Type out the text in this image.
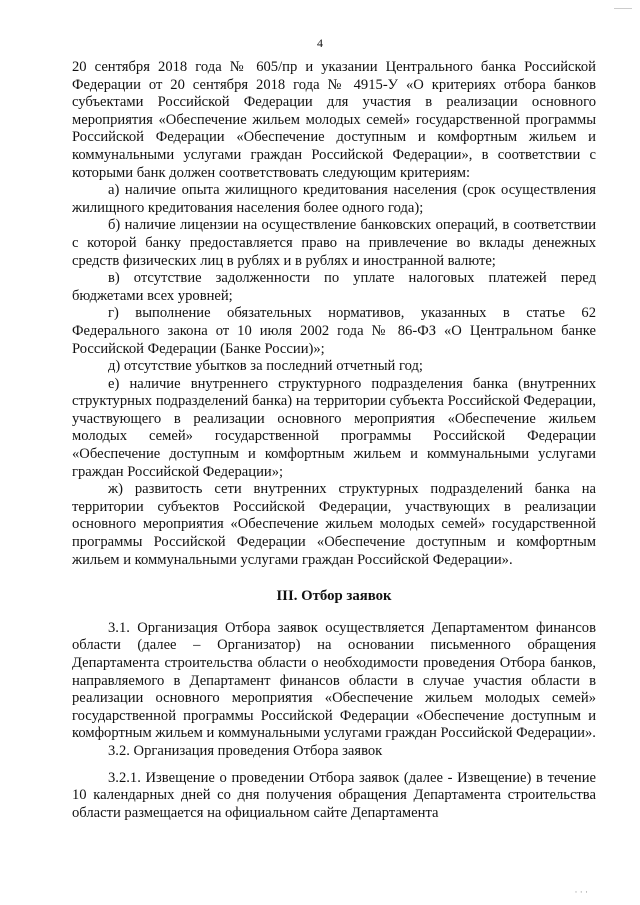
4

20 сентября 2018 года № 605/пр и указании Центрального банка Российской Федерации от 20 сентября 2018 года № 4915-У «О критериях отбора банков субъектами Российской Федерации для участия в реализации основного мероприятия «Обеспечение жильем молодых семей» государственной программы Российской Федерации «Обеспечение доступным и комфортным жильем и коммунальными услугами граждан Российской Федерации», в соответствии с которыми банк должен соответствовать следующим критериям:

а) наличие опыта жилищного кредитования населения (срок осуществления жилищного кредитования населения более одного года);

б) наличие лицензии на осуществление банковских операций, в соответствии с которой банку предоставляется право на привлечение во вклады денежных средств физических лиц в рублях и в рублях и иностранной валюте;

в) отсутствие задолженности по уплате налоговых платежей перед бюджетами всех уровней;

г) выполнение обязательных нормативов, указанных в статье 62 Федерального закона от 10 июля 2002 года № 86-ФЗ «О Центральном банке Российской Федерации (Банке России)»;

д) отсутствие убытков за последний отчетный год;

е) наличие внутреннего структурного подразделения банка (внутренних структурных подразделений банка) на территории субъекта Российской Федерации, участвующего в реализации основного мероприятия «Обеспечение жильем молодых семей» государственной программы Российской Федерации «Обеспечение доступным и комфортным жильем и коммунальными услугами граждан Российской Федерации»;

ж) развитость сети внутренних структурных подразделений банка на территории субъектов Российской Федерации, участвующих в реализации основного мероприятия «Обеспечение жильем молодых семей» государственной программы Российской Федерации «Обеспечение доступным и комфортным жильем и коммунальными услугами граждан Российской Федерации».

III. Отбор заявок

3.1. Организация Отбора заявок осуществляется Департаментом финансов области (далее – Организатор) на основании письменного обращения Департамента строительства области о необходимости проведения Отбора банков, направляемого в Департамент финансов области в случае участия области в реализации основного мероприятия «Обеспечение жильем молодых семей» государственной программы Российской Федерации «Обеспечение доступным и комфортным жильем и коммунальными услугами граждан Российской Федерации».

3.2. Организация проведения Отбора заявок

3.2.1. Извещение о проведении Отбора заявок (далее - Извещение) в течение 10 календарных дней со дня получения обращения Департамента строительства области размещается на официальном сайте Департамента

· · ·
